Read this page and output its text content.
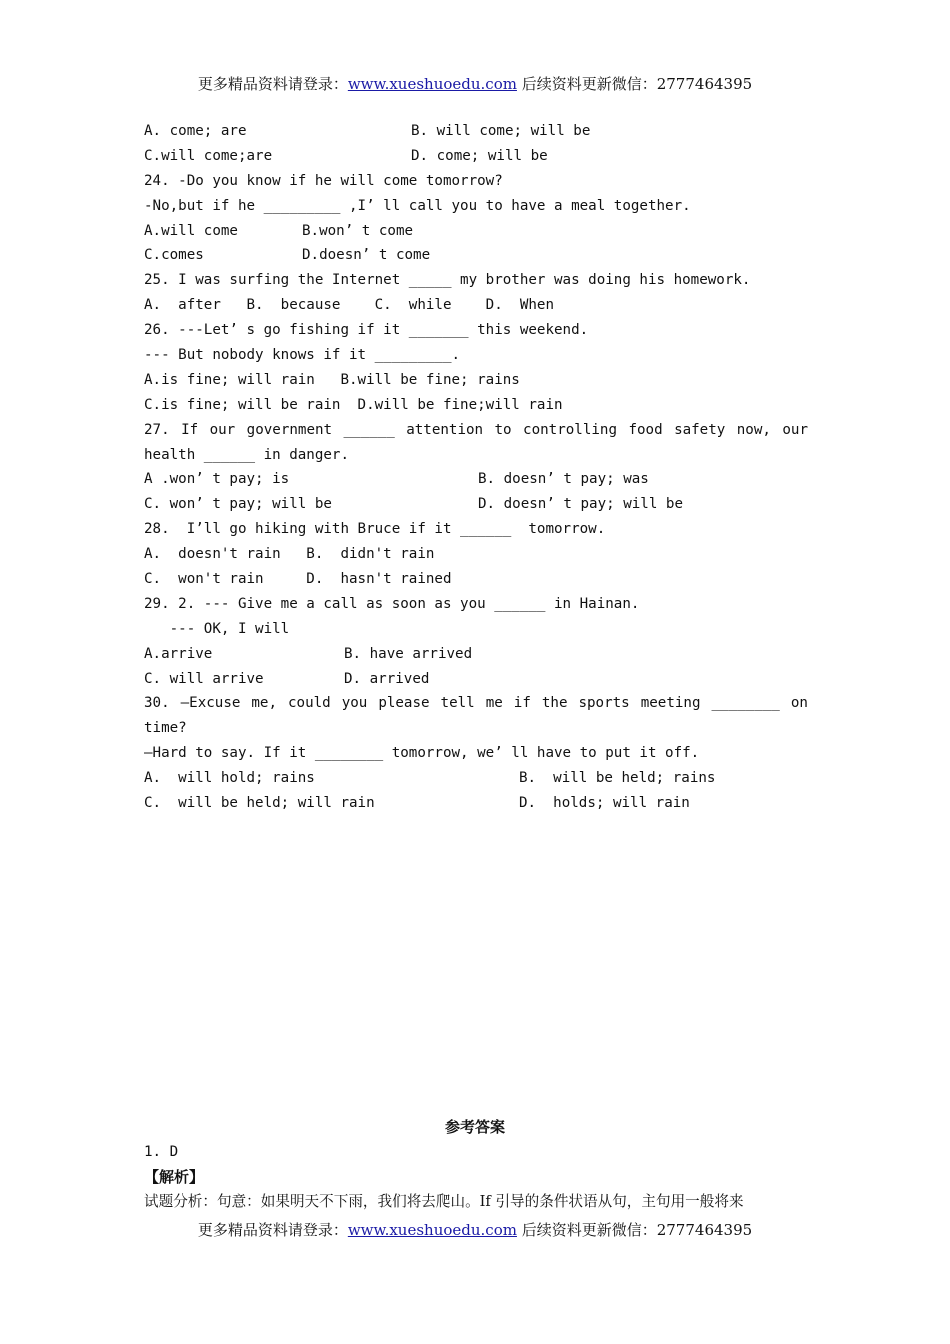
更多精品资料请登录：www.xueshuoedu.com 后续资料更新微信：2777464395
A. come; are	B. will come; will be
C.will come;are	D. come; will be
24. -Do you know if he will come tomorrow?
-No,but if he _________ ,I’ ll call you to have a meal together.
A.will come	B.won’ t come
C.comes	D.doesn’ t come
25. I was surfing the Internet _____ my brother was doing his homework.
A.  after   B.  because    C.  while    D.  When
26. ---Let’ s go fishing if it _______ this weekend.
--- But nobody knows if it _________.
A.is fine; will rain   B.will be fine; rains
C.is fine; will be rain  D.will be fine;will rain
27. If our government ______ attention to controlling food safety now, our
health ______ in danger.
A .won’ t pay; is	B. doesn’ t pay; was
C. won’ t pay; will be	D. doesn’ t pay; will be
28.  I’ll go hiking with Bruce if it ______  tomorrow.
A.  doesn't rain   B.  didn't rain
C.  won't rain     D.  hasn't rained
29. 2. --- Give me a call as soon as you ______ in Hainan.
--- OK, I will
A.arrive	B. have arrived
C. will arrive	D. arrived
30. —Excuse me, could you please tell me if the sports meeting ________ on
time?
—Hard to say. If it ________ tomorrow, we’ ll have to put it off.
A.  will hold; rains	B.  will be held; rains
C.  will be held; will rain	D.  holds; will rain
参考答案
1. D
【解析】
试题分析：句意：如果明天不下雨，我们将去爬山。If 引导的条件状语从句，主句用一般将来
更多精品资料请登录：www.xueshuoedu.com 后续资料更新微信：2777464395
